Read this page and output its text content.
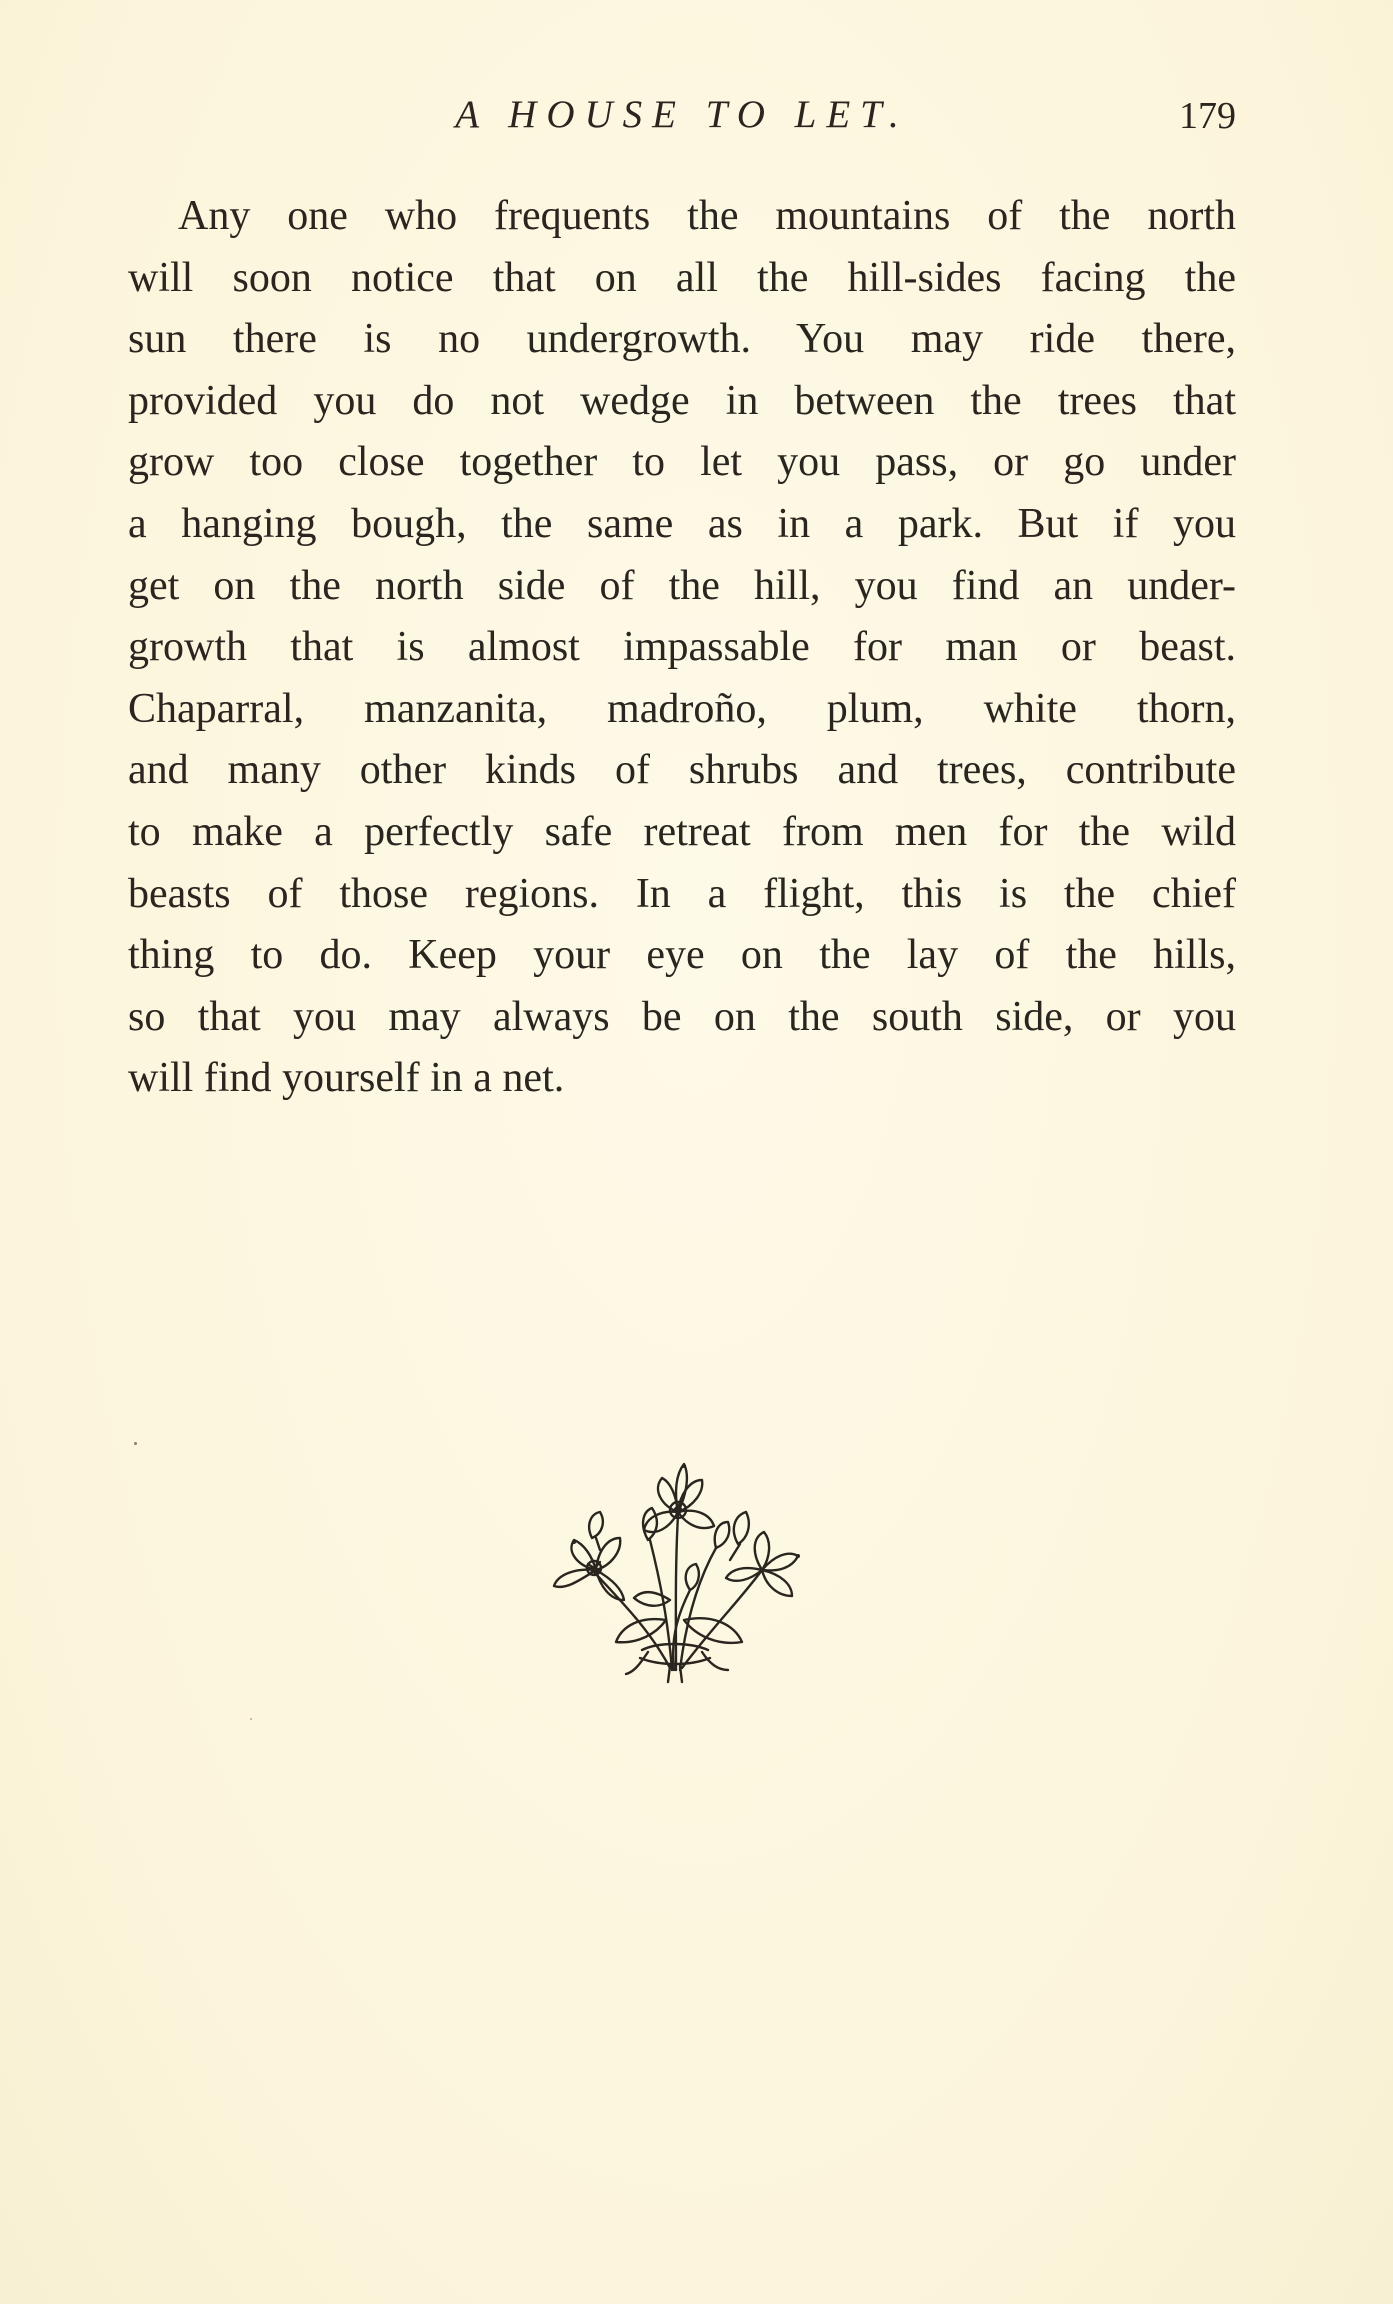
A HOUSE TO LET.	179
Any one who frequents the mountains of the north
will soon notice that on all the hill-sides facing the
sun there is no undergrowth. You may ride there,
provided you do not wedge in between the trees that
grow too close together to let you pass, or go under
a hanging bough, the same as in a park. But if you
get on the north side of the hill, you find an under-
growth that is almost impassable for man or beast.
Chaparral, manzanita, madroño, plum, white thorn,
and many other kinds of shrubs and trees, contribute
to make a perfectly safe retreat from men for the wild
beasts of those regions. In a flight, this is the chief
thing to do. Keep your eye on the lay of the hills,
so that you may always be on the south side, or you
will find yourself in a net.
